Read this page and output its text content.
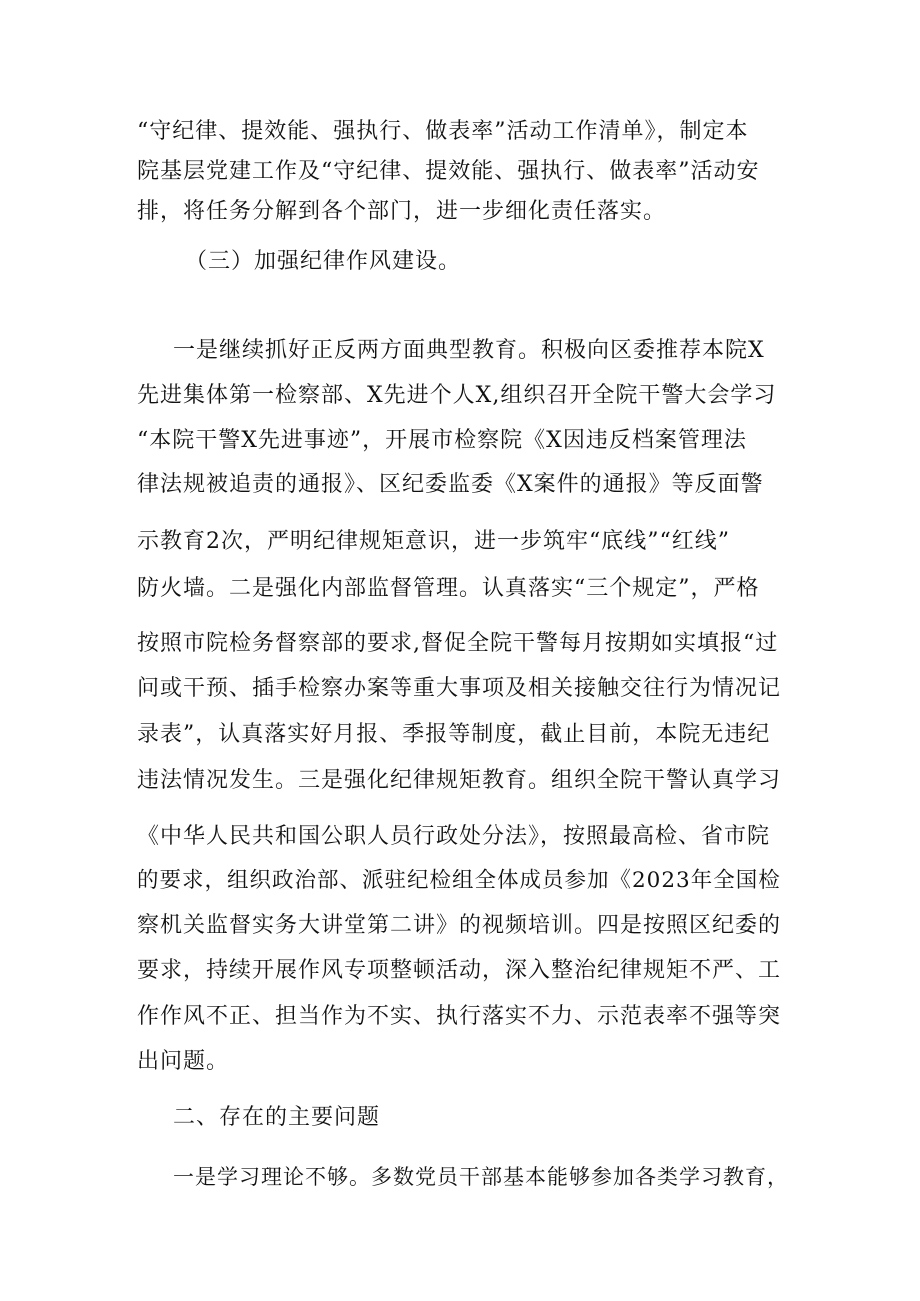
“守纪律、提效能、强执行、做表率”活动工作清单》，制定本
院基层党建工作及“守纪律、提效能、强执行、做表率”活动安
排，将任务分解到各个部门，进一步细化责任落实。
（三）加强纪律作风建设。
一是继续抓好正反两方面典型教育。积极向区委推荐本院X
先进集体第一检察部、X先进个人X,组织召开全院干警大会学习
“本院干警X先进事迹”，开展市检察院《X因违反档案管理法
律法规被追责的通报》、区纪委监委《X案件的通报》等反面警
示教育2次，严明纪律规矩意识，进一步筑牢“底线”“红线”
防火墙。二是强化内部监督管理。认真落实“三个规定”，严格
按照市院检务督察部的要求,督促全院干警每月按期如实填报“过
问或干预、插手检察办案等重大事项及相关接触交往行为情况记
录表”，认真落实好月报、季报等制度，截止目前，本院无违纪
违法情况发生。三是强化纪律规矩教育。组织全院干警认真学习
《中华人民共和国公职人员行政处分法》，按照最高检、省市院
的要求，组织政治部、派驻纪检组全体成员参加《2023年全国检
察机关监督实务大讲堂第二讲》的视频培训。四是按照区纪委的
要求，持续开展作风专项整顿活动，深入整治纪律规矩不严、工
作作风不正、担当作为不实、执行落实不力、示范表率不强等突
出问题。
二、存在的主要问题
一是学习理论不够。多数党员干部基本能够参加各类学习教育，
